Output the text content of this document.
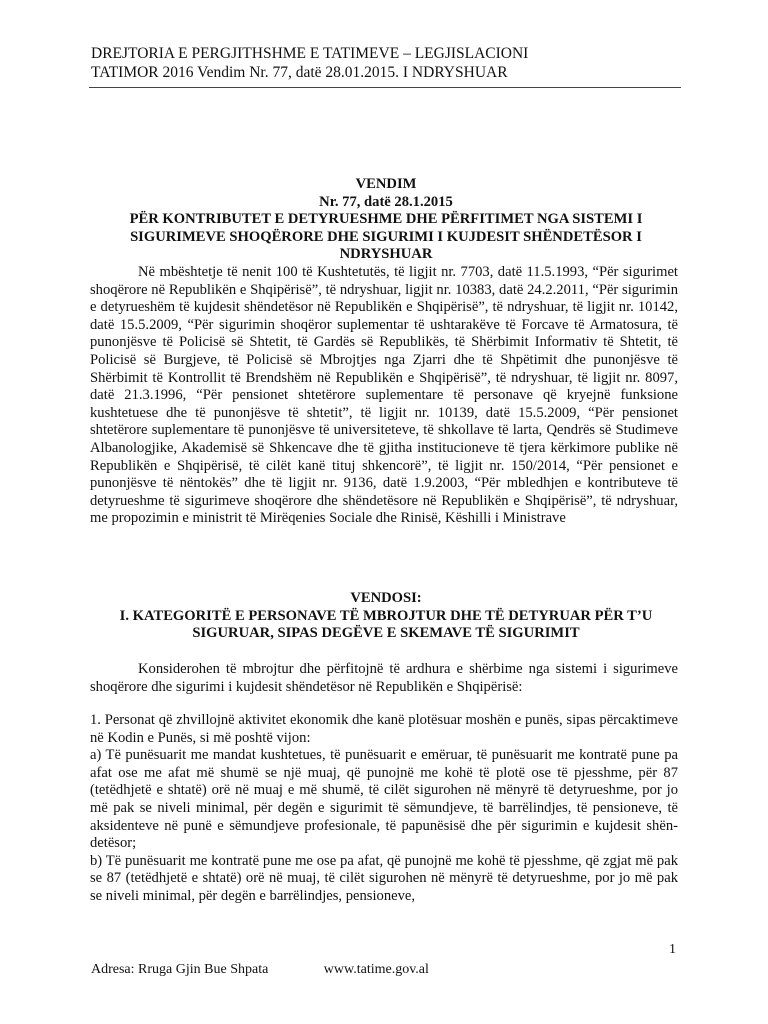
DREJTORIA E PERGJITHSHME E TATIMEVE – LEGJISLACIONI
TATIMOR 2016 Vendim Nr. 77, datë 28.01.2015. I NDRYSHUAR
VENDIM
Nr. 77, datë 28.1.2015
PËR KONTRIBUTET E DETYRUESHME DHE PËRFITIMET NGA SISTEMI I
SIGURIMEVE SHOQËRORE DHE SIGURIMI I KUJDESIT SHËNDETËSOR I
NDRYSHUAR

Në mbështetje të nenit 100 të Kushtetutës, të ligjit nr. 7703, datë 11.5.1993, “Për sigurimet shoqërore në Republikën e Shqipërisë”, të ndryshuar, ligjit nr. 10383, datë 24.2.2011, “Për sigurimin e detyrueshëm të kujdesit shëndetësor në Republikën e Shqipërisë”, të ndryshuar, të ligjit nr. 10142, datë 15.5.2009, “Për sigurimin shoqëror suplementar të ushtarakëve të Forcave të Armatosura, të punonjësve të Policisë së Shtetit, të Gardës së Republikës, të Shërbimit Informativ të Shtetit, të Policisë së Burgjeve, të Policisë së Mbrojtjes nga Zjarri dhe të Shpëtimit dhe punonjësve të Shërbimit të Kontrollit të Brendshëm në Republikën e Shqipërisë”, të ndryshuar, të ligjit nr. 8097, datë 21.3.1996, “Për pensionet shtetërore suplementare të personave që kryejnë funksione kushtetuese dhe të punonjësve të shtetit”, të ligjit nr. 10139, datë 15.5.2009, “Për pensionet shtetërore suplementare të punonjësve të universiteteve, të shkollave të larta, Qendrës së Studimeve Albanologjike, Akademisë së Shkencave dhe të gjitha institucioneve të tjera kërkimore publike në Republikën e Shqipërisë, të cilët kanë tituj shkencorë”, të ligjit nr. 150/2014, “Për pensionet e punonjësve të nëntokës” dhe të ligjit nr. 9136, datë 1.9.2003, “Për mbledhjen e kontributeve të detyrueshme të sigurimeve shoqërore dhe shëndetësore në Republikën e Shqipërisë”, të ndryshuar, me propozimin e ministrit të Mirëqenies Sociale dhe Rinisë, Këshilli i Ministrave

VENDOSI:
I. KATEGORITË E PERSONAVE TË MBROJTUR DHE TË DETYRUAR PËR T’U
SIGURUAR, SIPAS DEGËVE E SKEMAVE TË SIGURIMIT

Konsiderohen të mbrojtur dhe përfitojnë të ardhura e shërbime nga sistemi i sigurimeve shoqërore dhe sigurimi i kujdesit shëndetësor në Republikën e Shqipërisë:

1. Personat që zhvillojnë aktivitet ekonomik dhe kanë plotësuar moshën e punës, sipas përcaktimeve në Kodin e Punës, si më poshtë vijon:

a) Të punësuarit me mandat kushtetues, të punësuarit e emëruar, të punësuarit me kontratë pune pa afat ose me afat më shumë se një muaj, që punojnë me kohë të plotë ose të pjesshme, për 87 (tetëdhjetë e shtatë) orë në muaj e më shumë, të cilët sigurohen në mënyrë të detyrueshme, por jo më pak se niveli minimal, për degën e sigurimit të sëmundjeve, të barrëlindjes, të pensioneve, të aksidenteve në punë e sëmundjeve profesionale, të papunësisë dhe për sigurimin e kujdesit shën-detësor;

b) Të punësuarit me kontratë pune me ose pa afat, që punojnë me kohë të pjesshme, që zgjat më pak se 87 (tetëdhjetë e shtatë) orë në muaj, të cilët sigurohen në mënyrë të detyrueshme, por jo më pak se niveli minimal, për degën e barrëlindjes, pensioneve,

1
Adresa: Rruga Gjin Bue Shpata	www.tatime.gov.al
